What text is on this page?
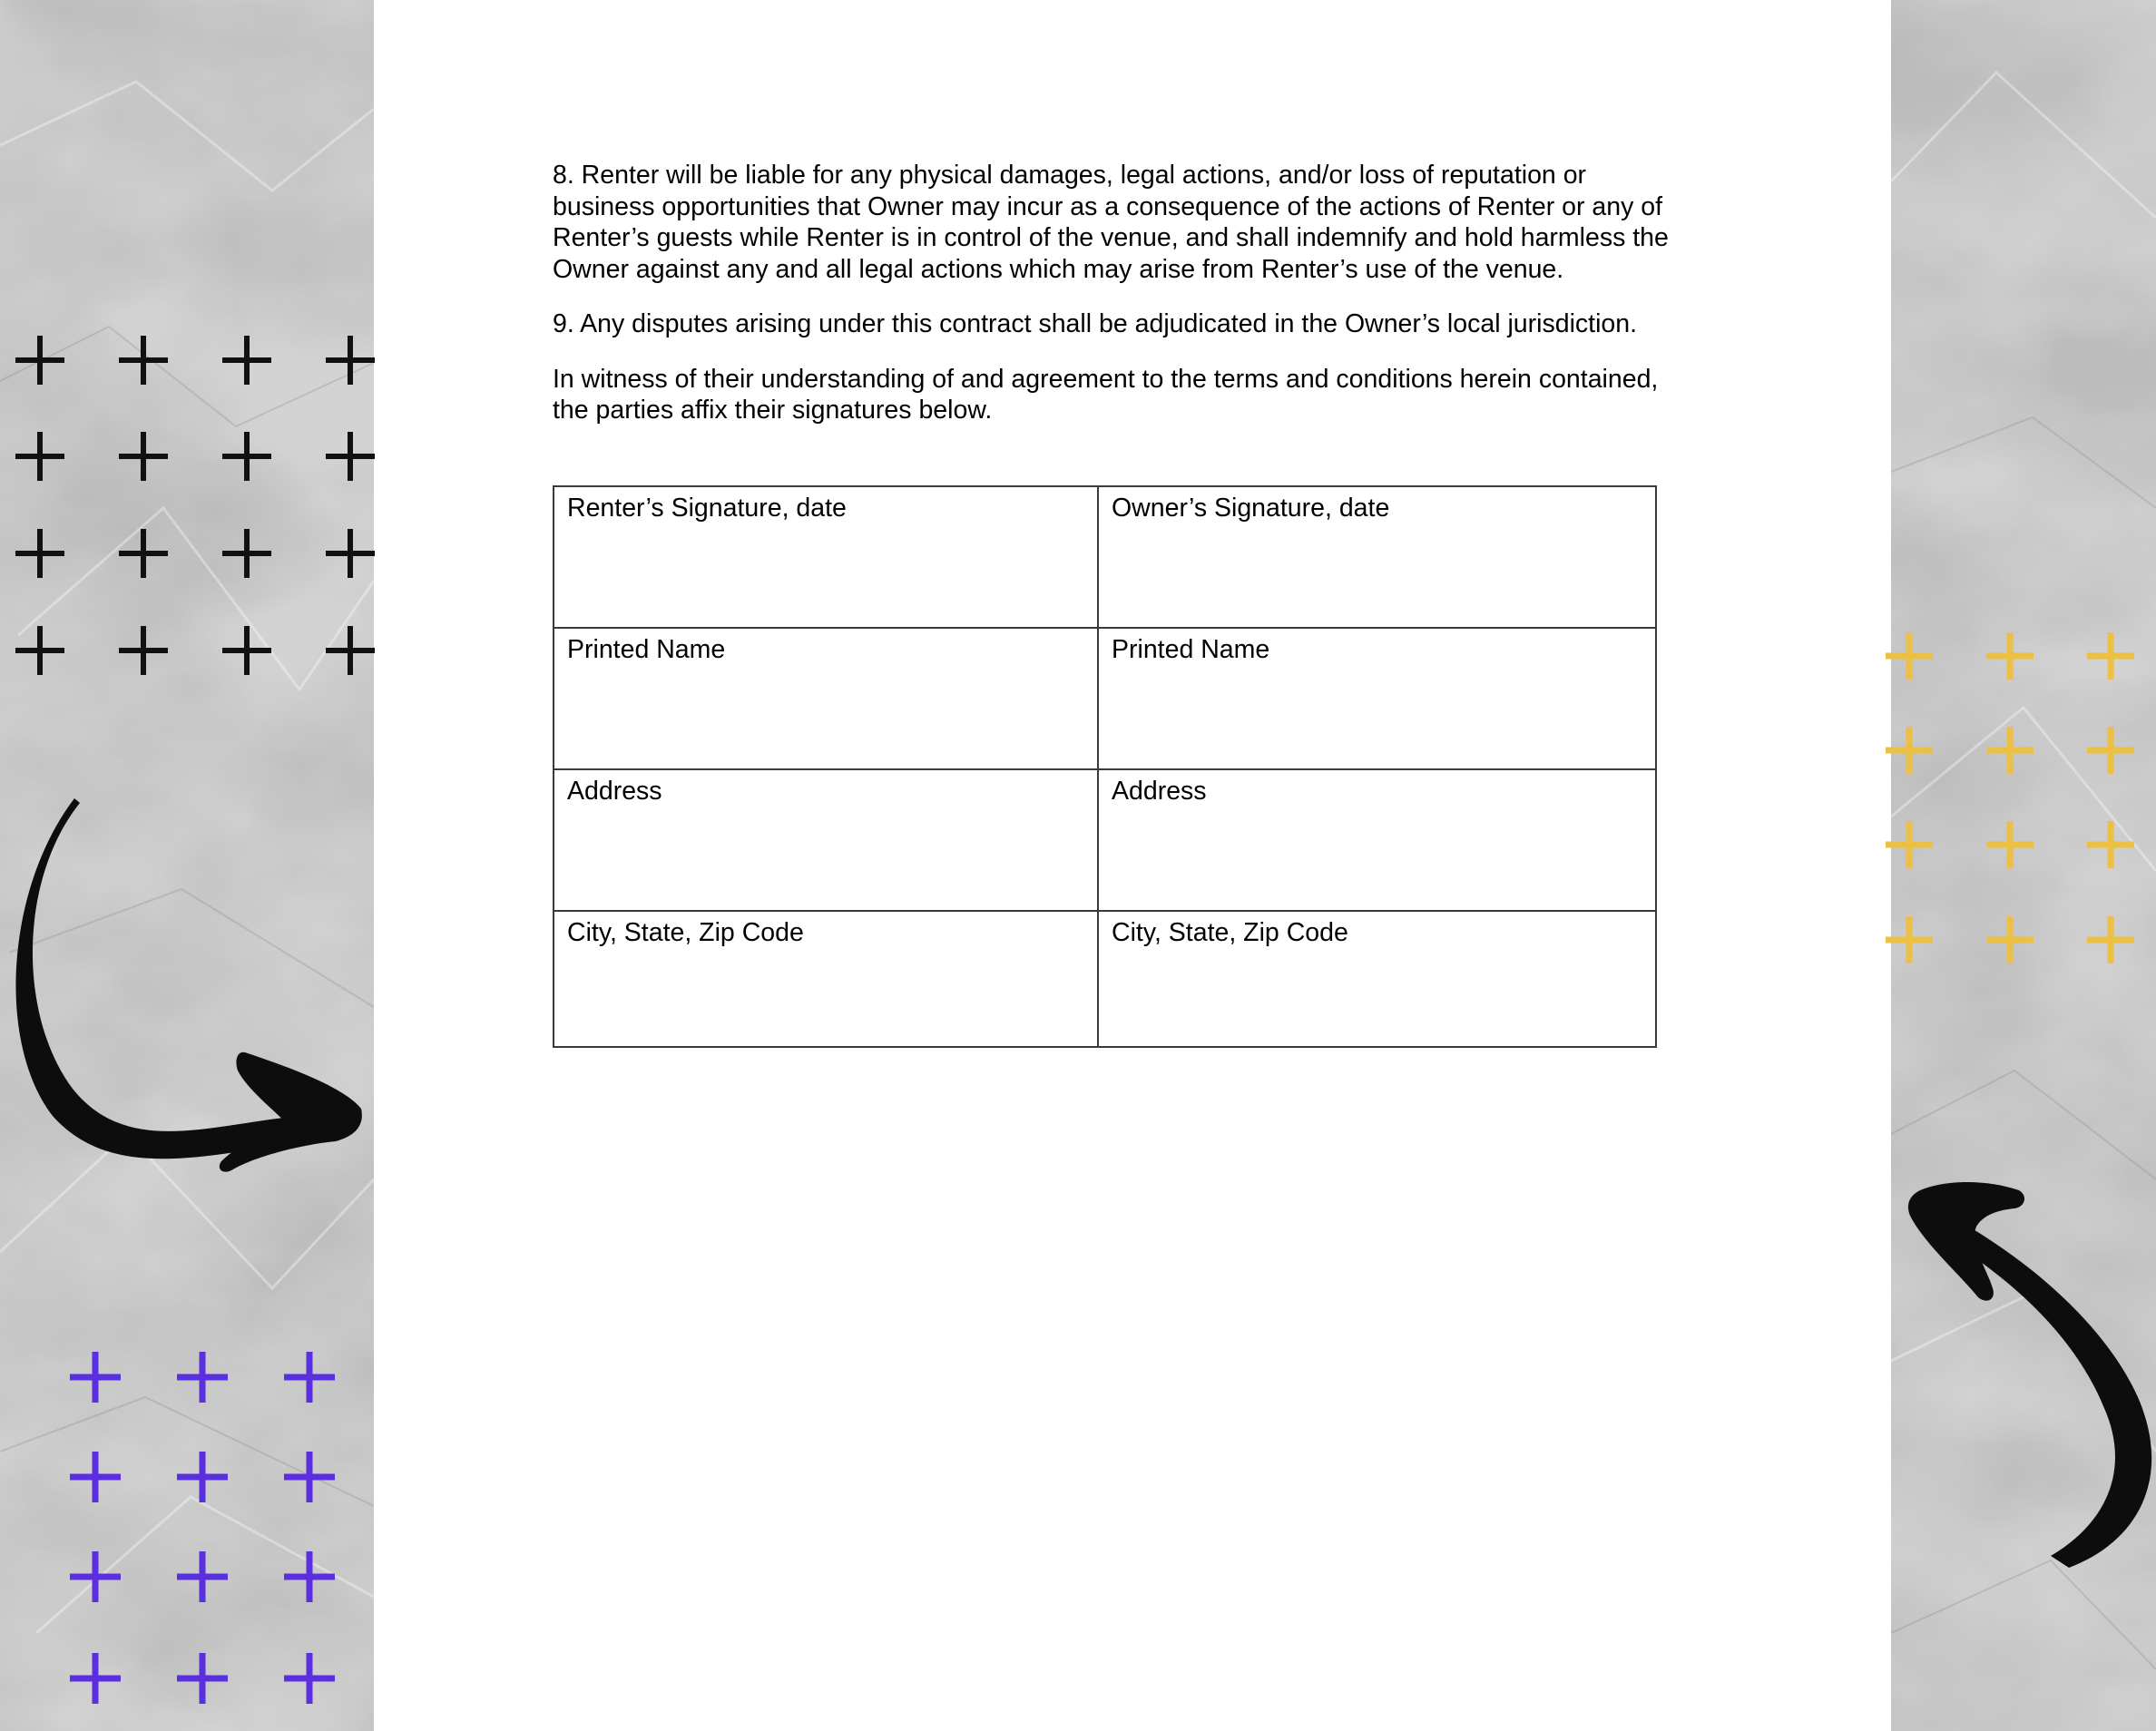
8. Renter will be liable for any physical damages, legal actions, and/or loss of reputation or business opportunities that Owner may incur as a consequence of the actions of Renter or any of Renter’s guests while Renter is in control of the venue, and shall indemnify and hold harmless the Owner against any and all legal actions which may arise from Renter’s use of the venue.

9. Any disputes arising under this contract shall be adjudicated in the Owner’s local jurisdiction.

In witness of their understanding of and agreement to the terms and conditions herein contained, the parties affix their signatures below.

Renter’s Signature, date	Owner’s Signature, date
Printed Name	Printed Name
Address	Address
City, State, Zip Code	City, State, Zip Code
